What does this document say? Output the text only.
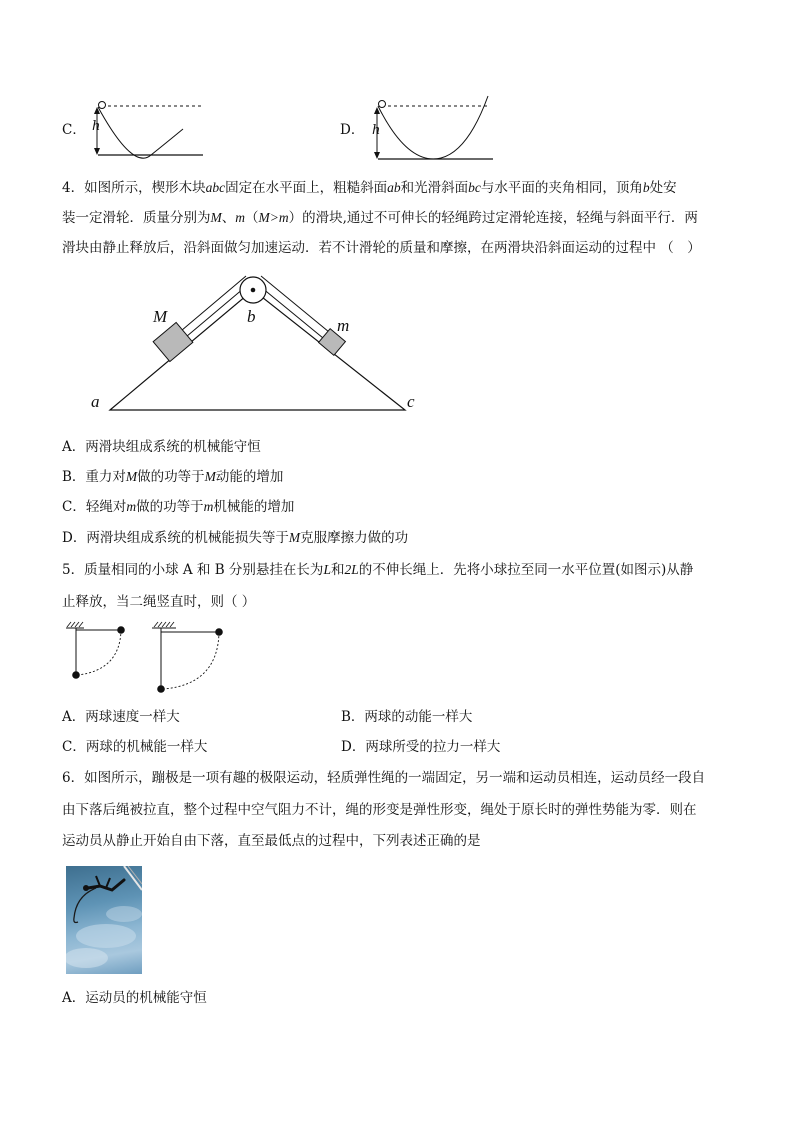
C． h	D． h
4．如图所示，楔形木块abc固定在水平面上，粗糙斜面ab和光滑斜面bc与水平面的夹角相同，顶角b处安
装一定滑轮．质量分别为M、m（M>m）的滑块,通过不可伸长的轻绳跨过定滑轮连接，轻绳与斜面平行．两
滑块由静止释放后，沿斜面做匀加速运动．若不计滑轮的质量和摩擦，在两滑块沿斜面运动的过程中 （　）
M	m
b
a	c
A．两滑块组成系统的机械能守恒
B．重力对M做的功等于M动能的增加
C．轻绳对m做的功等于m机械能的增加
D．两滑块组成系统的机械能损失等于M克服摩擦力做的功
5．质量相同的小球 A 和 B 分别悬挂在长为L和2L的不伸长绳上．先将小球拉至同一水平位置(如图示)从静
止释放，当二绳竖直时，则（ ）
A．两球速度一样大	B．两球的动能一样大
C．两球的机械能一样大	D．两球所受的拉力一样大
6．如图所示，蹦极是一项有趣的极限运动，轻质弹性绳的一端固定，另一端和运动员相连，运动员经一段自
由下落后绳被拉直，整个过程中空气阻力不计，绳的形变是弹性形变，绳处于原长时的弹性势能为零．则在
运动员从静止开始自由下落，直至最低点的过程中，下列表述正确的是
A．运动员的机械能守恒
